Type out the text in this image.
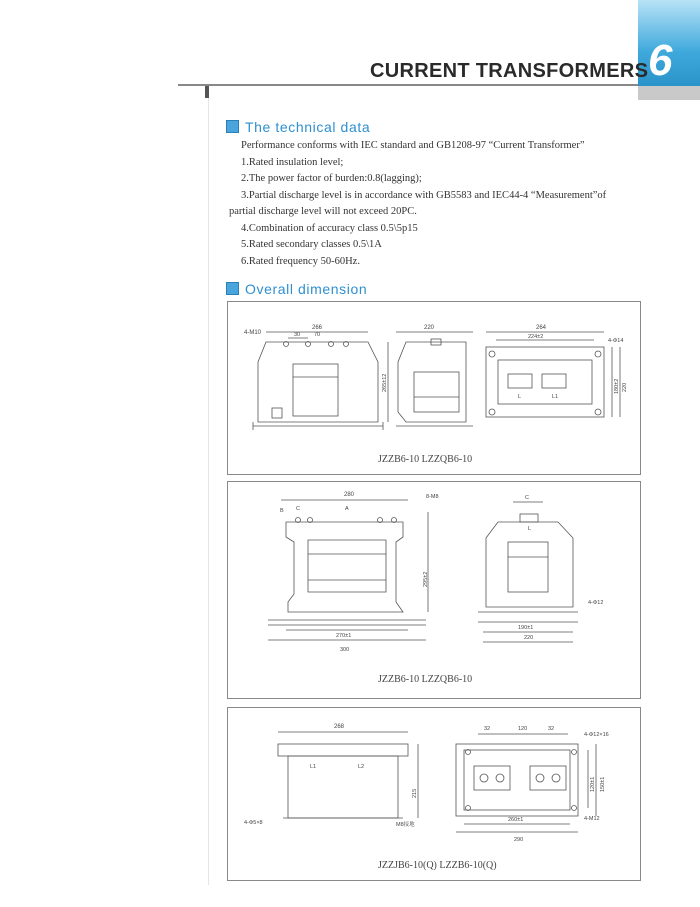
6
CURRENT TRANSFORMERS
The technical data
Performance conforms with IEC standard and GB1208-97 “Current Transformer”
1.Rated insulation level;
2.The power factor of burden:0.8(lagging);
3.Partial discharge level is in accordance with GB5583 and IEC44-4 “Measurement”of
partial discharge level will not exceed 20PC.
4.Combination of accuracy class 0.5\5p15
5.Rated secondary classes 0.5\1A
6.Rated frequency 50-60Hz.
Overall dimension
4-M10
266
30	70
265±12
220	264
224±2
4-Φ14
220
180±2
L	L1
JZZB6-10 LZZQB6-10
280	8-M8
B C	A
295±2
270±1
300
C
L
4-Φ12
190±1
220
JZZB6-10 LZZQB6-10
268
L1	L2
215
4-Φ5×8	M8接地
32	120	32
4-Φ12×16
120±1 150±1
260±1
290
4-M12
JZZJB6-10(Q) LZZB6-10(Q)
